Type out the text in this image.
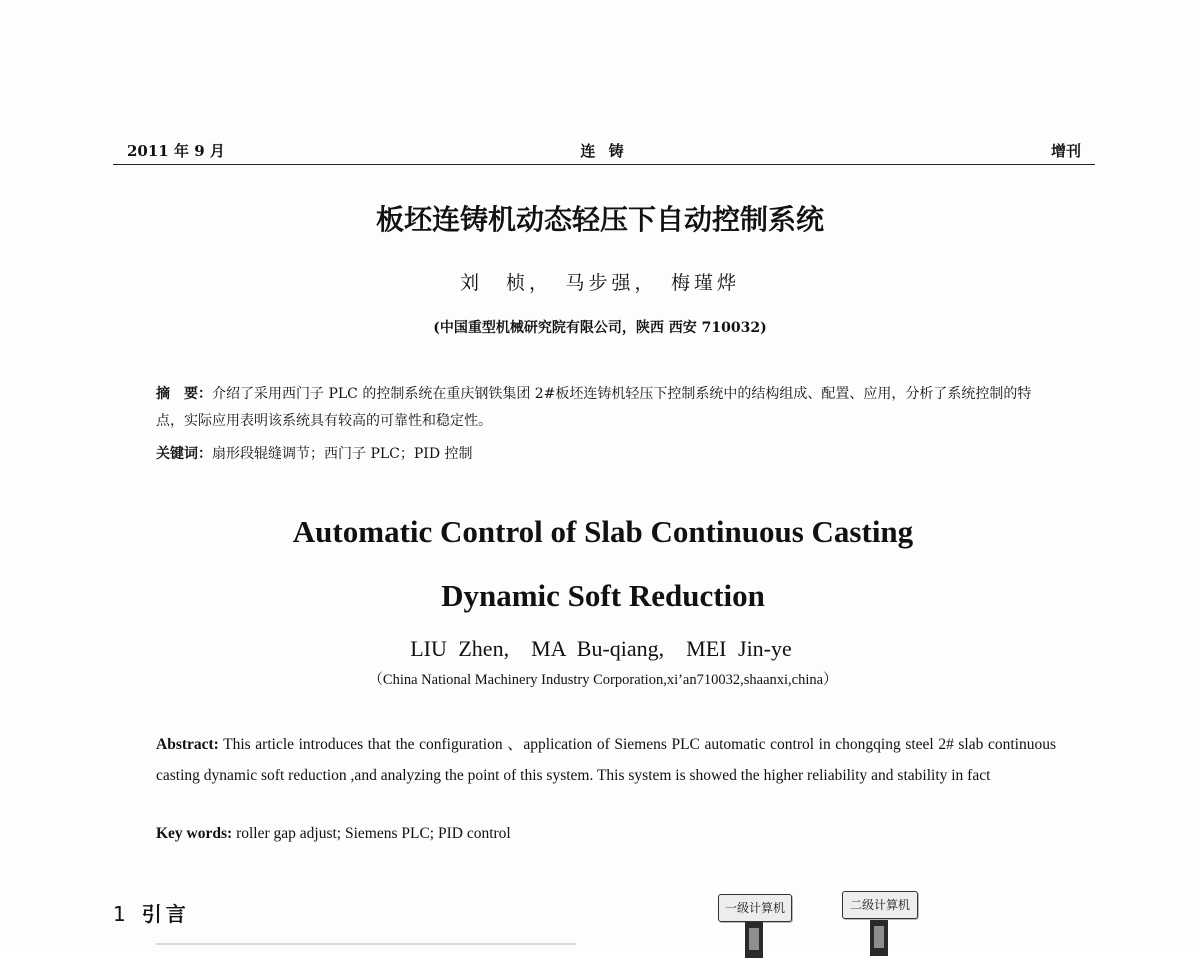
2011 年 9 月	连 铸	增刊
板坯连铸机动态轻压下自动控制系统
刘　桢，　马步强，　梅瑾烨
(中国重型机械研究院有限公司，陕西 西安 710032)
摘　要：介绍了采用西门子 PLC 的控制系统在重庆钢铁集团 2#板坯连铸机轻压下控制系统中的结构组成、配置、应用，分析了系统控制的特点，实际应用表明该系统具有较高的可靠性和稳定性。
关键词：扇形段辊缝调节；西门子 PLC；PID 控制
Automatic Control of Slab Continuous Casting
Dynamic Soft Reduction
LIU Zhen,　MA Bu-qiang,　MEI Jin-ye
（China National Machinery Industry Corporation,xi’an710032,shaanxi,china）
Abstract: This article introduces that the configuration 、application of Siemens PLC automatic control in chongqing steel 2# slab continuous casting dynamic soft reduction ,and analyzing the point of this system. This system is showed the higher reliability and stability in fact
Key words: roller gap adjust; Siemens PLC; PID control
1 引言	一级计算机	二级计算机
